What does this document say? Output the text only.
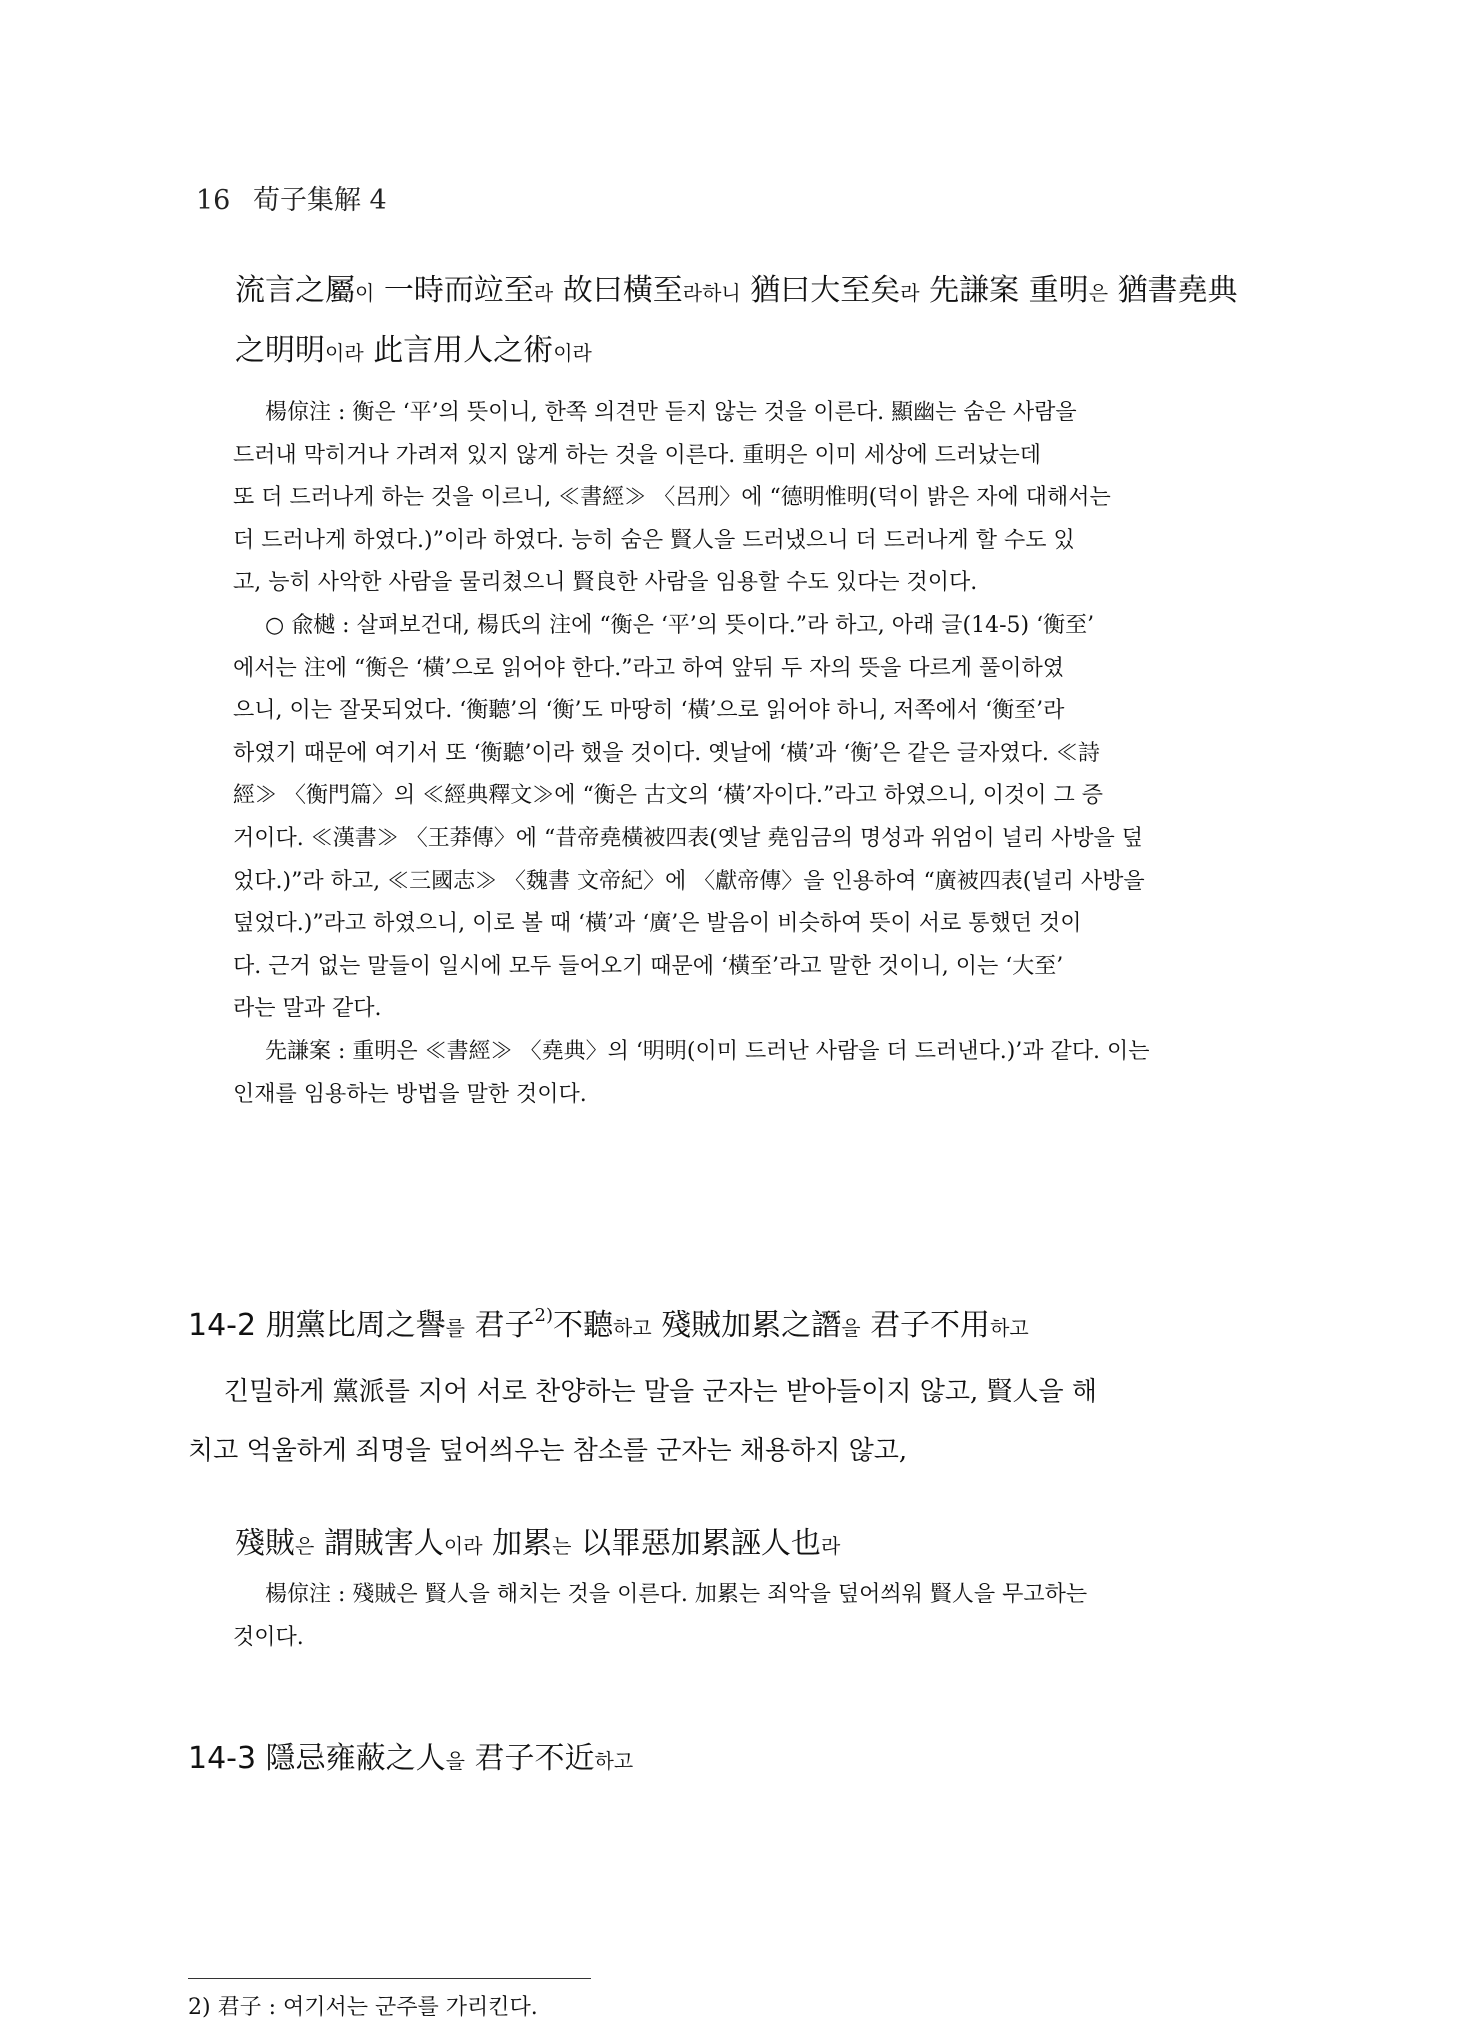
16 荀子集解 4
流言之屬이 一時而竝至라 故曰橫至라하니 猶曰大至矣라 先謙案 重明은 猶書堯典
之明明이라 此言用人之術이라
楊倞注 : 衡은 ‘平’의 뜻이니, 한쪽 의견만 듣지 않는 것을 이른다. 顯幽는 숨은 사람을
드러내 막히거나 가려져 있지 않게 하는 것을 이른다. 重明은 이미 세상에 드러났는데
또 더 드러나게 하는 것을 이르니, ≪書經≫ 〈呂刑〉에 “德明惟明(덕이 밝은 자에 대해서는
더 드러나게 하였다.)”이라 하였다. 능히 숨은 賢人을 드러냈으니 더 드러나게 할 수도 있
고, 능히 사악한 사람을 물리쳤으니 賢良한 사람을 임용할 수도 있다는 것이다.
○ 兪樾 : 살펴보건대, 楊氏의 注에 “衡은 ‘平’의 뜻이다.”라 하고, 아래 글(14-5) ‘衡至’
에서는 注에 “衡은 ‘橫’으로 읽어야 한다.”라고 하여 앞뒤 두 자의 뜻을 다르게 풀이하였
으니, 이는 잘못되었다. ‘衡聽’의 ‘衡’도 마땅히 ‘橫’으로 읽어야 하니, 저쪽에서 ‘衡至’라
하였기 때문에 여기서 또 ‘衡聽’이라 했을 것이다. 옛날에 ‘橫’과 ‘衡’은 같은 글자였다. ≪詩
經≫ 〈衡門篇〉의 ≪經典釋文≫에 “衡은 古文의 ‘橫’자이다.”라고 하였으니, 이것이 그 증
거이다. ≪漢書≫ 〈王莽傳〉에 “昔帝堯橫被四表(옛날 堯임금의 명성과 위엄이 널리 사방을 덮
었다.)”라 하고, ≪三國志≫ 〈魏書 文帝紀〉에 〈獻帝傳〉을 인용하여 “廣被四表(널리 사방을
덮었다.)”라고 하였으니, 이로 볼 때 ‘橫’과 ‘廣’은 발음이 비슷하여 뜻이 서로 통했던 것이
다. 근거 없는 말들이 일시에 모두 들어오기 때문에 ‘橫至’라고 말한 것이니, 이는 ‘大至’
라는 말과 같다.
先謙案 : 重明은 ≪書經≫ 〈堯典〉의 ‘明明(이미 드러난 사람을 더 드러낸다.)’과 같다. 이는
인재를 임용하는 방법을 말한 것이다.
14-2 朋黨比周之譽를 君子$^{2)}$不聽하고 殘賊加累之譖을 君子不用하고
긴밀하게 黨派를 지어 서로 찬양하는 말을 군자는 받아들이지 않고, 賢人을 해
치고 억울하게 죄명을 덮어씌우는 참소를 군자는 채용하지 않고,
殘賊은 謂賊害人이라 加累는 以罪惡加累誣人也라
楊倞注 : 殘賊은 賢人을 해치는 것을 이른다. 加累는 죄악을 덮어씌워 賢人을 무고하는
것이다.
14-3 隱忌雍蔽之人을 君子不近하고
2) 君子 : 여기서는 군주를 가리킨다.
